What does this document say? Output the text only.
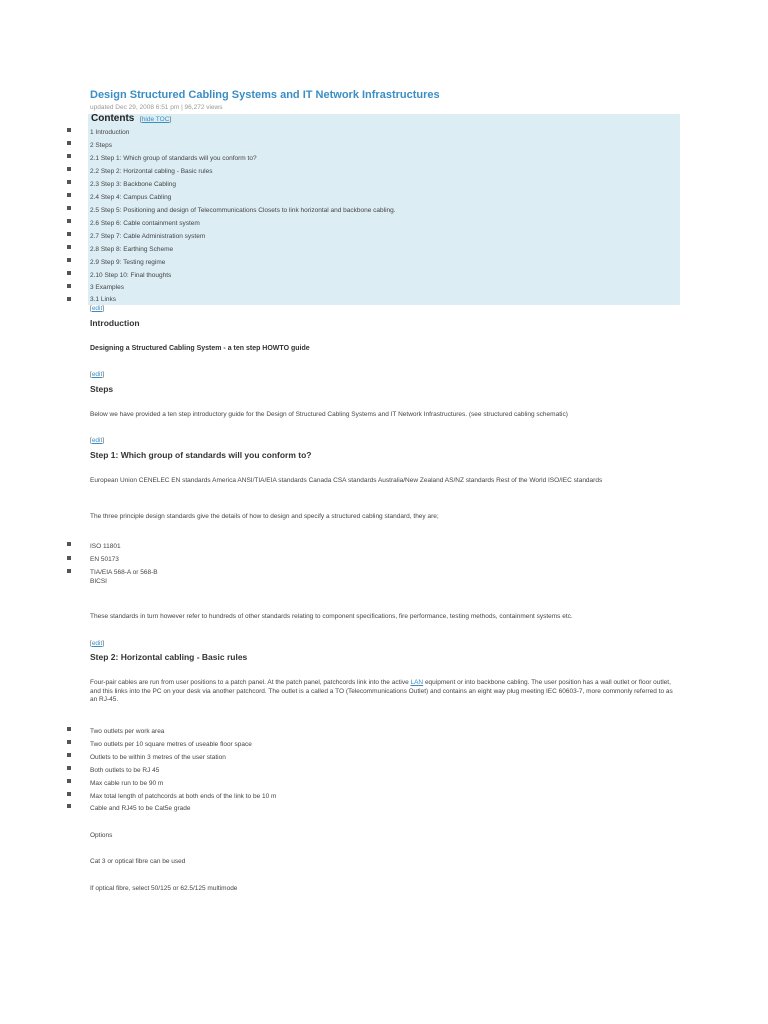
Design Structured Cabling Systems and IT Network Infrastructures
updated Dec 29, 2008 6:51 pm | 96,272 views
Contents [hide TOC]
1 Introduction
2 Steps
2.1 Step 1: Which group of standards will you conform to?
2.2 Step 2: Horizontal cabling - Basic rules
2.3 Step 3: Backbone Cabling
2.4 Step 4: Campus Cabling
2.5 Step 5: Positioning and design of Telecommunications Closets to link horizontal and backbone cabling.
2.6 Step 6: Cable containment system
2.7 Step 7: Cable Administration system
2.8 Step 8: Earthing Scheme
2.9 Step 9: Testing regime
2.10 Step 10: Final thoughts
3 Examples
3.1 Links
[edit]
Introduction
Designing a Structured Cabling System - a ten step HOWTO guide
[edit]
Steps
Below we have provided a ten step introductory guide for the Design of Structured Cabling Systems and IT Network Infrastructures. (see structured cabling schematic)
[edit]
Step 1: Which group of standards will you conform to?
European Union CENELEC EN standards America ANSI/TIA/EIA standards Canada CSA standards Australia/New Zealand AS/NZ standards Rest of the World ISO/IEC standards
The three principle design standards give the details of how to design and specify a structured cabling standard, they are;
ISO 11801
EN 50173
TIA/EIA 568-A or 568-B
BICSI
These standards in turn however refer to hundreds of other standards relating to component specifications, fire performance, testing methods, containment systems etc.
[edit]
Step 2: Horizontal cabling - Basic rules
Four-pair cables are run from user positions to a patch panel. At the patch panel, patchcords link into the active LAN equipment or into backbone cabling. The user position has a wall outlet or floor outlet, and this links into the PC on your desk via another patchcord. The outlet is a called a TO (Telecommunications Outlet) and contains an eight way plug meeting IEC 60603-7, more commonly referred to as an RJ-45.
Two outlets per work area
Two outlets per 10 square metres of useable floor space
Outlets to be within 3 metres of the user station
Both outlets to be RJ 45
Max cable run to be 90 m
Max total length of patchcords at both ends of the link to be 10 m
Cable and RJ45 to be Cat5e grade
Options
Cat 3 or optical fibre can be used
If optical fibre, select 50/125 or 62.5/125 multimode
